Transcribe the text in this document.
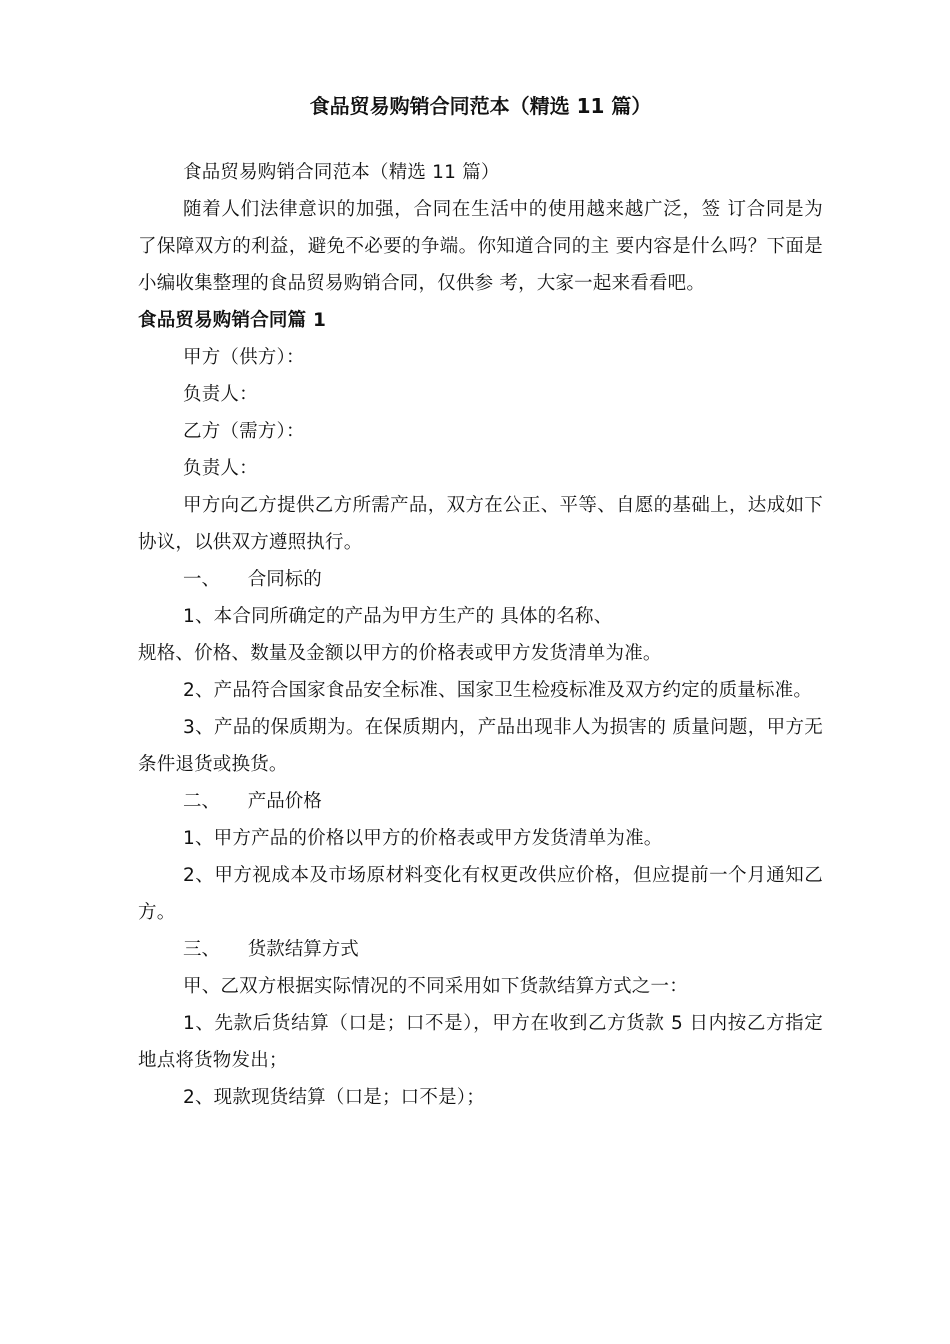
食品贸易购销合同范本（精选 11 篇）

食品贸易购销合同范本（精选 11 篇）

随着人们法律意识的加强，合同在生活中的使用越来越广泛，签 订合同是为了保障双方的利益，避免不必要的争端。你知道合同的主 要内容是什么吗？下面是小编收集整理的食品贸易购销合同，仅供参 考，大家一起来看看吧。

食品贸易购销合同篇 1

甲方（供方）：

负责人：

乙方（需方）：

负责人：

甲方向乙方提供乙方所需产品，双方在公正、平等、自愿的基础上，达成如下协议，以供双方遵照执行。

一、　　合同标的

1、本合同所确定的产品为甲方生产的 具体的名称、

规格、价格、数量及金额以甲方的价格表或甲方发货清单为准。

2、产品符合国家食品安全标准、国家卫生检疫标准及双方约定的质量标准。

3、产品的保质期为。在保质期内，产品出现非人为损害的 质量问题，甲方无条件退货或换货。

二、　　产品价格

1、甲方产品的价格以甲方的价格表或甲方发货清单为准。

2、甲方视成本及市场原材料变化有权更改供应价格，但应提前一个月通知乙方。

三、　　货款结算方式

甲、乙双方根据实际情况的不同采用如下货款结算方式之一：

1、先款后货结算（口是；口不是），甲方在收到乙方货款 5 日内按乙方指定地点将货物发出；

2、现款现货结算（口是；口不是）；
